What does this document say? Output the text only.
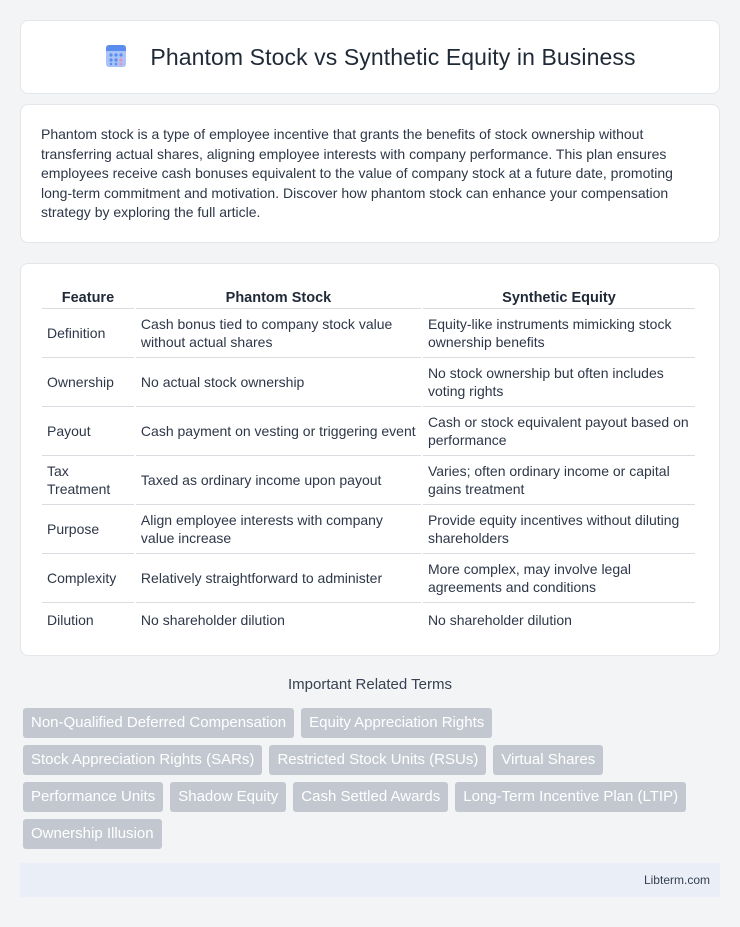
Phantom Stock vs Synthetic Equity in Business

Phantom stock is a type of employee incentive that grants the benefits of stock ownership without transferring actual shares, aligning employee interests with company performance. This plan ensures employees receive cash bonuses equivalent to the value of company stock at a future date, promoting long-term commitment and motivation. Discover how phantom stock can enhance your compensation strategy by exploring the full article.

Feature	Phantom Stock	Synthetic Equity
Definition	Cash bonus tied to company stock value without actual shares	Equity-like instruments mimicking stock ownership benefits
Ownership	No actual stock ownership	No stock ownership but often includes voting rights
Payout	Cash payment on vesting or triggering event	Cash or stock equivalent payout based on performance
Tax Treatment	Taxed as ordinary income upon payout	Varies; often ordinary income or capital gains treatment
Purpose	Align employee interests with company value increase	Provide equity incentives without diluting shareholders
Complexity	Relatively straightforward to administer	More complex, may involve legal agreements and conditions
Dilution	No shareholder dilution	No shareholder dilution
Important Related Terms
Non-Qualified Deferred Compensation	Equity Appreciation Rights
Stock Appreciation Rights (SARs)	Restricted Stock Units (RSUs)	Virtual Shares
Performance Units	Shadow Equity	Cash Settled Awards	Long-Term Incentive Plan (LTIP)
Ownership Illusion
Libterm.com
